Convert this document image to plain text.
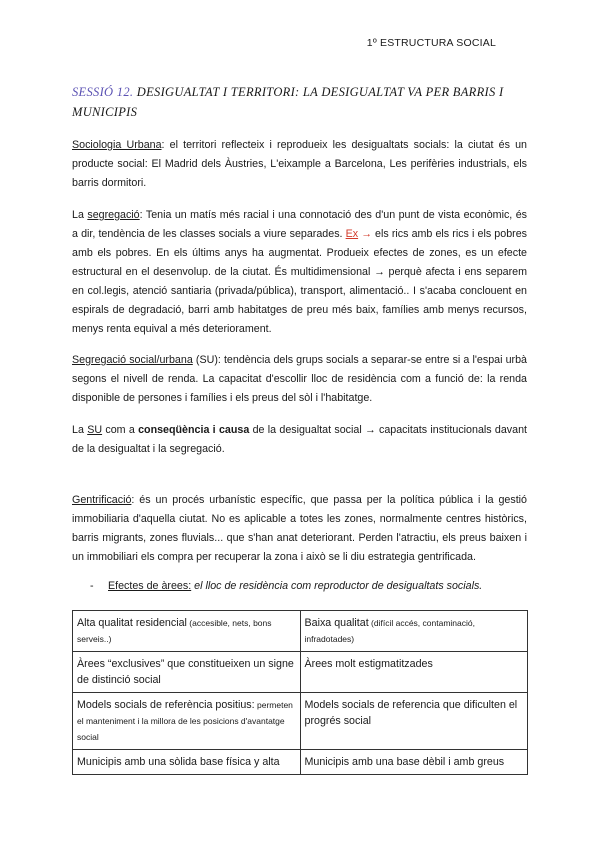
1º ESTRUCTURA SOCIAL
SESSIÓ 12. DESIGUALTAT I TERRITORI: LA DESIGUALTAT VA PER BARRIS I MUNICIPIS

Sociologia Urbana: el territori reflecteix i reprodueix les desigualtats socials: la ciutat és un producte social: El Madrid dels Àustries, L'eixample a Barcelona, Les perifèries industrials, els barris dormitori.

La segregació: Tenia un matís més racial i una connotació des d'un punt de vista econòmic, és a dir, tendència de les classes socials a viure separades. Ex → els rics amb els rics i els pobres amb els pobres. En els últims anys ha augmentat. Produeix efectes de zones, es un efecte estructural en el desenvolup. de la ciutat. És multidimensional → perquè afecta i ens separem en col.legis, atenció santiaria (privada/pública), transport, alimentació.. I s'acaba conclouent en espirals de degradació, barri amb habitatges de preu més baix, famílies amb menys recursos, menys renta equival a més deteriorament.

Segregació social/urbana (SU): tendència dels grups socials a separar-se entre si a l'espai urbà segons el nivell de renda. La capacitat d'escollir lloc de residència com a funció de: la renda disponible de persones i famílies i els preus del sòl i l'habitatge.

La SU com a conseqüència i causa de la desigualtat social → capacitats institucionals davant de la desigualtat i la segregació.

Gentrificació: és un procés urbanístic específic, que passa per la política pública i la gestió immobiliaria d'aquella ciutat. No es aplicable a totes les zones, normalmente centres històrics, barris migrants, zones fluvials... que s'han anat deteriorant. Perden l'atractiu, els preus baixen i un immobiliari els compra per recuperar la zona i això se li diu estrategia gentrificada.

- Efectes de àrees: el lloc de residència com reproductor de desigualtats socials.
Alta qualitat residencial (accesible, nets, bons serveis..)	Baixa qualitat (difícil accés, contaminació, infradotades)
Àrees “exclusives” que constitueixen un signe de distinció social	Àrees molt estigmatitzades
Models socials de referència positius: permeten el manteniment i la millora de les posicions d'avantatge social	Models socials de referencia que dificulten el progrés social
Municipis amb una sòlida base física y alta	Municipis amb una base dèbil i amb greus
